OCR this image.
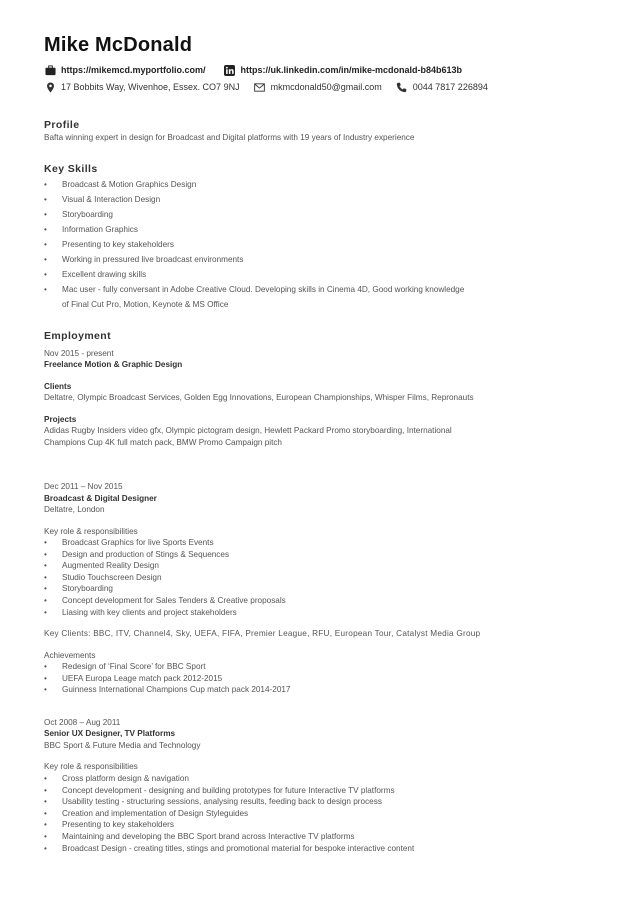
Mike McDonald
https://mikemcd.myportfolio.com/	https://uk.linkedin.com/in/mike-mcdonald-b84b613b
17 Bobbits Way, Wivenhoe, Essex. CO7 9NJ	mkmcdonald50@gmail.com	0044 7817 226894
Profile
Bafta winning expert in design for Broadcast and Digital platforms with 19 years of Industry experience
Key Skills
•	Broadcast & Motion Graphics Design
•	Visual & Interaction Design
•	Storyboarding
•	Information Graphics
•	Presenting to key stakeholders
•	Working in pressured live broadcast environments
•	Excellent drawing skills
•	Mac user - fully conversant in Adobe Creative Cloud. Developing skills in Cinema 4D, Good working knowledge
of Final Cut Pro, Motion, Keynote & MS Office
Employment
Nov 2015 - present
Freelance Motion & Graphic Design
Clients
Deltatre, Olympic Broadcast Services, Golden Egg Innovations, European Championships, Whisper Films, Repronauts
Projects
Adidas Rugby Insiders video gfx, Olympic pictogram design, Hewlett Packard Promo storyboarding, International
Champions Cup 4K full match pack, BMW Promo Campaign pitch
Dec 2011 – Nov 2015
Broadcast & Digital Designer
Deltatre, London
Key role & responsibilities
•	Broadcast Graphics for live Sports Events
•	Design and production of Stings & Sequences
•	Augmented Reality Design
•	Studio Touchscreen Design
•	Storyboarding
•	Concept development for Sales Tenders & Creative proposals
•	Liasing with key clients and project stakeholders
Key Clients: BBC, ITV, Channel4, Sky, UEFA, FIFA, Premier League, RFU, European Tour, Catalyst Media Group
Achievements
•	Redesign of ‘Final Score’ for BBC Sport
•	UEFA Europa Leage match pack 2012-2015
•	Guinness International Champions Cup match pack 2014-2017
Oct 2008 – Aug 2011
Senior UX Designer, TV Platforms
BBC Sport & Future Media and Technology
Key role & responsibilities
•	Cross platform design & navigation
•	Concept development - designing and building prototypes for future Interactive TV platforms
•	Usability testing - structuring sessions, analysing results, feeding back to design process
•	Creation and implementation of Design Styleguides
•	Presenting to key stakeholders
•	Maintaining and developing the BBC Sport brand across Interactive TV platforms
•	Broadcast Design - creating titles, stings and promotional material for bespoke interactive content
